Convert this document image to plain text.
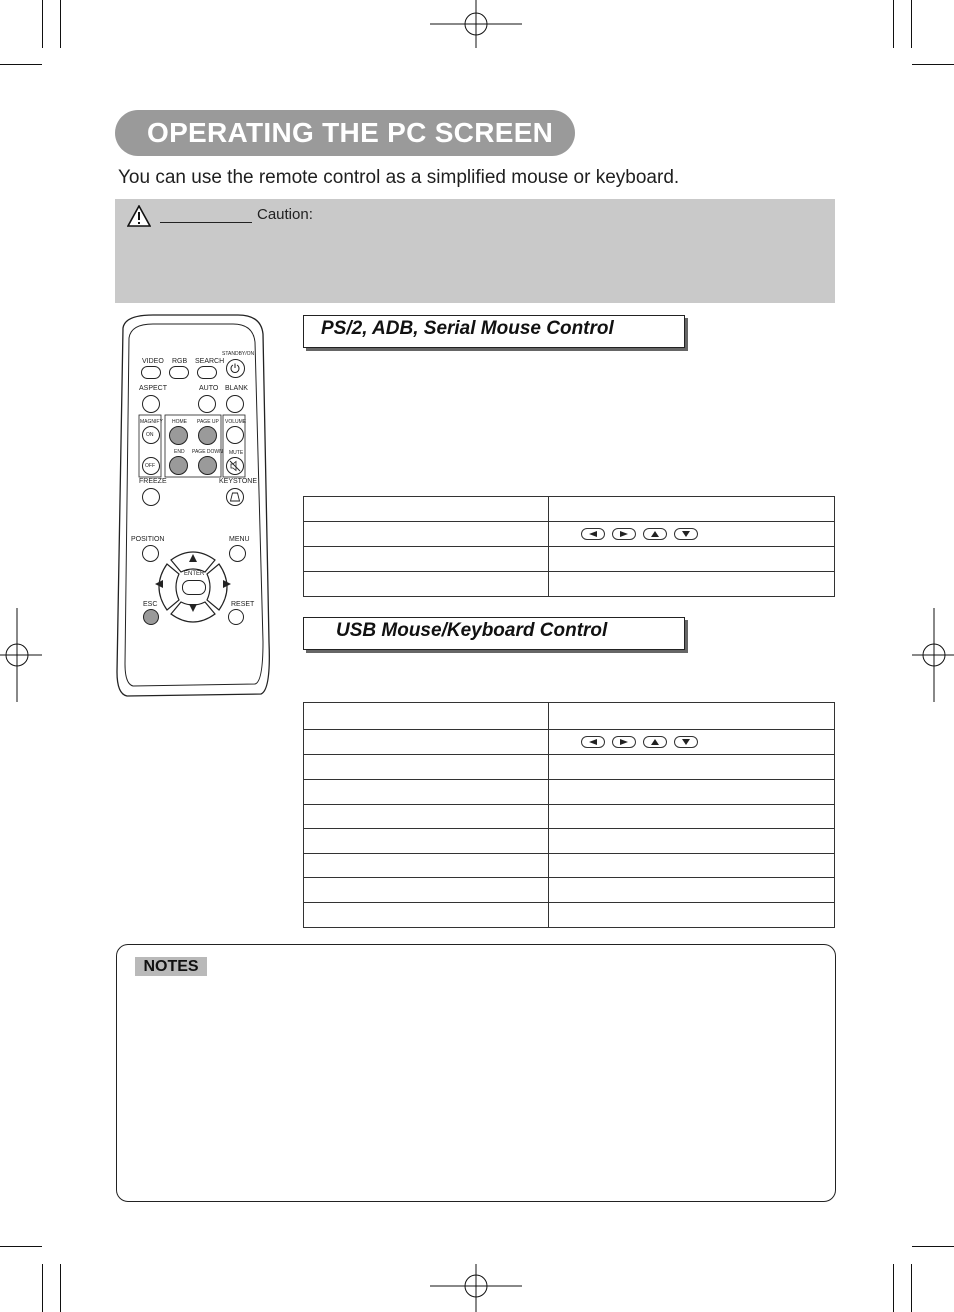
OPERATING THE PC SCREEN
You can use the remote control as a simplified mouse or keyboard.
Caution:
STANDBY/ON
VIDEO RGB SEARCH
ASPECT	AUTO BLANK
MAGNIFY HOME PAGE UP VOLUME
ON
END PAGE DOWN MUTE
OFF
FREEZE	KEYSTONE
POSITION	MENU
ENTER
ESC	RESET
PS/2, ADB, Serial Mouse Control

USB Mouse/Keyboard Control

NOTES
